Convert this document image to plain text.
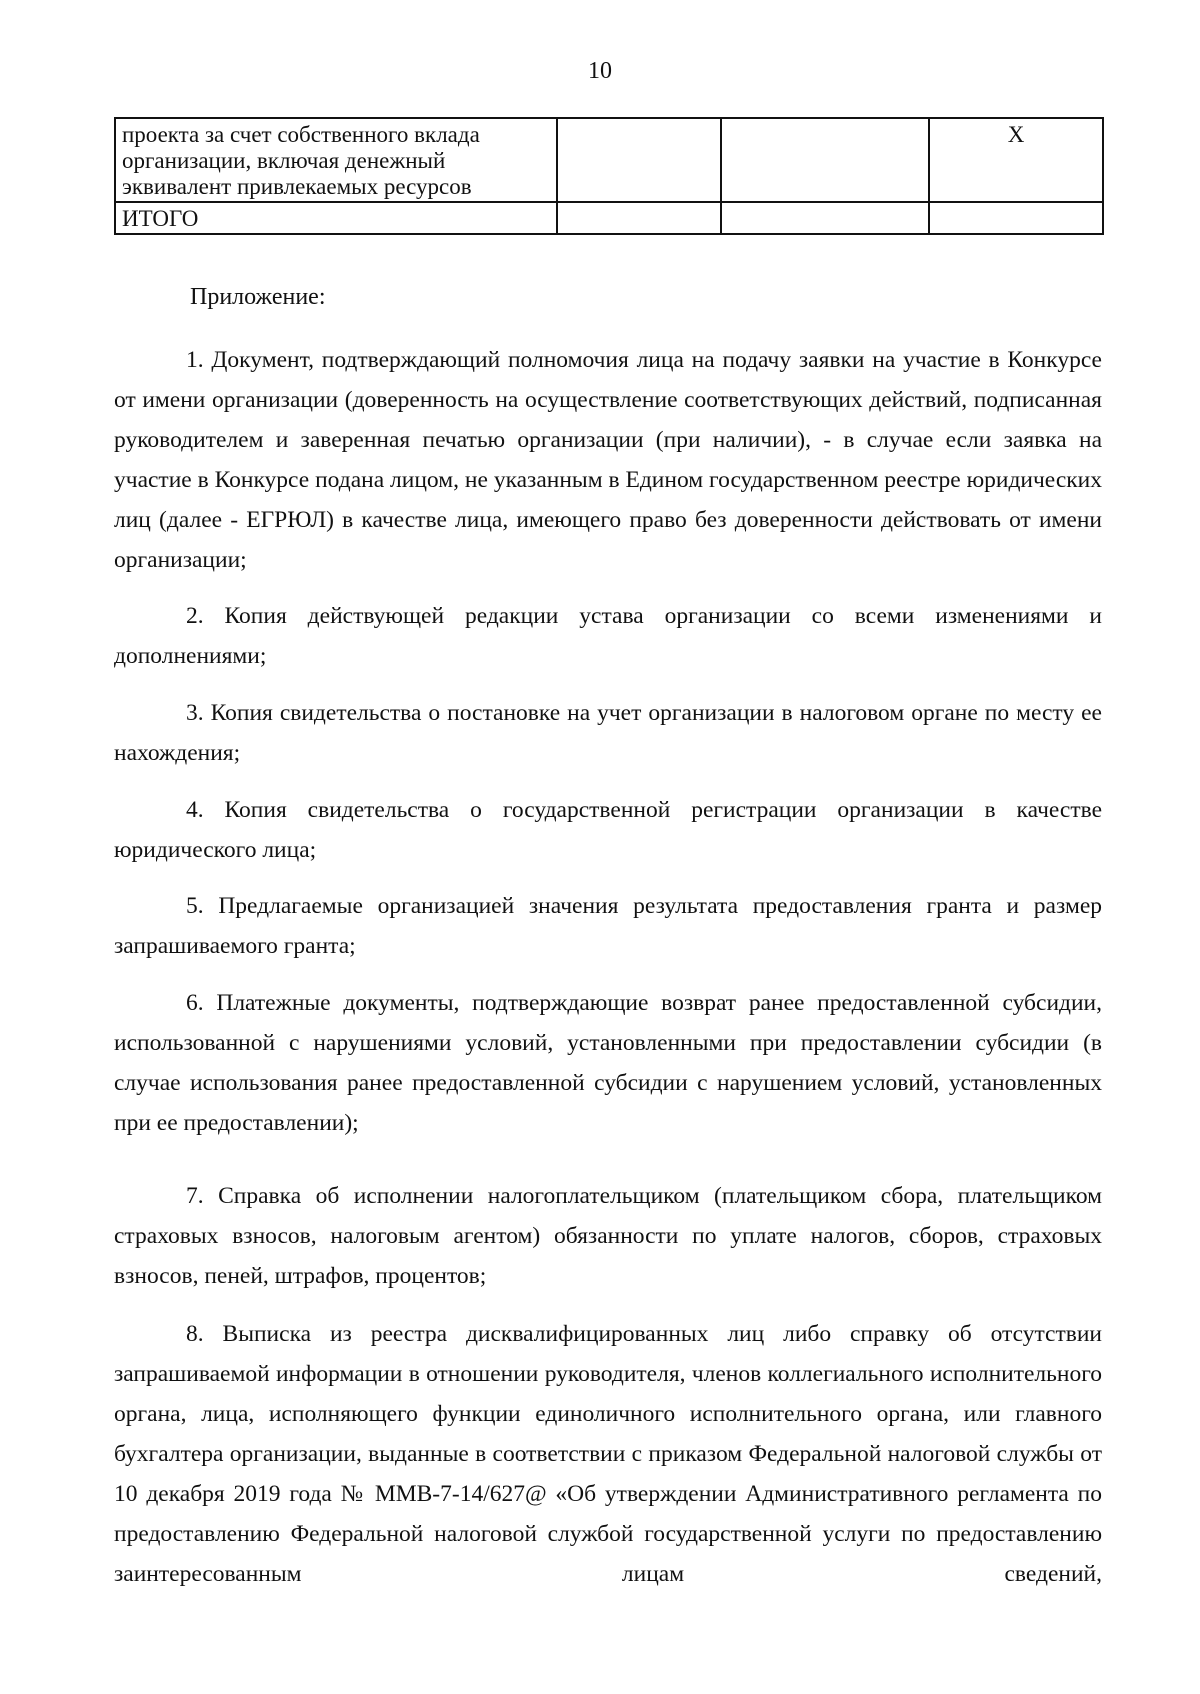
10
проекта за счет собственного вклада организации, включая денежный эквивалент привлекаемых ресурсов			X
ИТОГО			
Приложение:

1. Документ, подтверждающий полномочия лица на подачу заявки на участие в Конкурсе от имени организации (доверенность на осуществление соответствующих действий, подписанная руководителем и заверенная печатью организации (при наличии), - в случае если заявка на участие в Конкурсе подана лицом, не указанным в Едином государственном реестре юридических лиц (далее - ЕГРЮЛ) в качестве лица, имеющего право без доверенности действовать от имени организации;

2. Копия действующей редакции устава организации со всеми изменениями и дополнениями;

3. Копия свидетельства о постановке на учет организации в налоговом органе по месту ее нахождения;

4. Копия свидетельства о государственной регистрации организации в качестве юридического лица;

5. Предлагаемые организацией значения результата предоставления гранта и размер запрашиваемого гранта;

6. Платежные документы, подтверждающие возврат ранее предоставленной субсидии, использованной с нарушениями условий, установленными при предоставлении субсидии (в случае использования ранее предоставленной субсидии с нарушением условий, установленных при ее предоставлении);

7. Справка об исполнении налогоплательщиком (плательщиком сбора, плательщиком страховых взносов, налоговым агентом) обязанности по уплате налогов, сборов, страховых взносов, пеней, штрафов, процентов;

8. Выписка из реестра дисквалифицированных лиц либо справку об отсутствии запрашиваемой информации в отношении руководителя, членов коллегиального исполнительного органа, лица, исполняющего функции единоличного исполнительного органа, или главного бухгалтера организации, выданные в соответствии с приказом Федеральной налоговой службы от 10 декабря 2019 года № ММВ-7-14/627@ «Об утверждении Административного регламента по предоставлению Федеральной налоговой службой государственной услуги по предоставлению заинтересованным лицам сведений,
